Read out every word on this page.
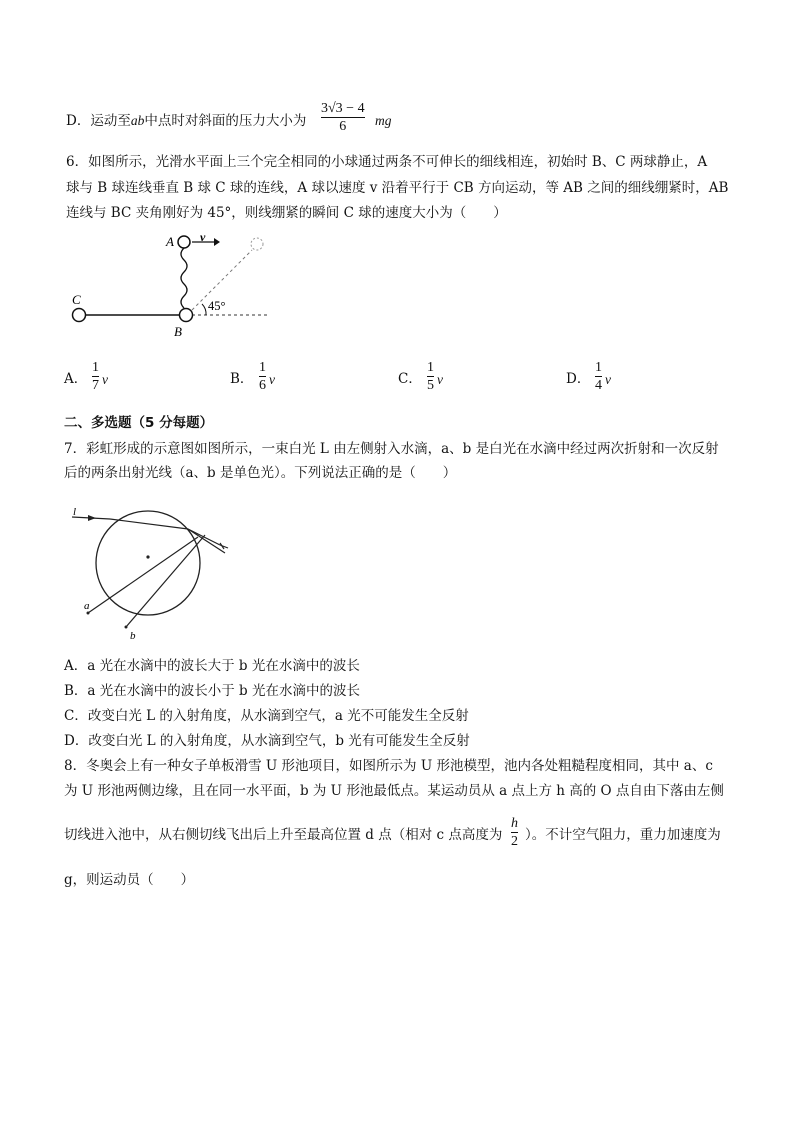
D．运动至ab中点时对斜面的压力大小为
3√3 − 4
6 mg
6．如图所示，光滑水平面上三个完全相同的小球通过两条不可伸长的细线相连，初始时 B、C 两球静止，A
球与 B 球连线垂直 B 球 C 球的连线，A 球以速度 v 沿着平行于 CB 方向运动，等 AB 之间的细线绷紧时，AB
连线与 BC 夹角刚好为 45°，则线绷紧的瞬间 C 球的速度大小为（　　）
A v
C
B
45°
A．
1
7 v	B．
1
6 v	C．
1
5 v	D．
1
4 v
二、多选题（5 分每题）
7．彩虹形成的示意图如图所示，一束白光 L 由左侧射入水滴，a、b 是白光在水滴中经过两次折射和一次反射
后的两条出射光线（a、b 是单色光）。下列说法正确的是（　　）
l
a
b
A．a 光在水滴中的波长大于 b 光在水滴中的波长
B．a 光在水滴中的波长小于 b 光在水滴中的波长
C．改变白光 L 的入射角度，从水滴到空气，a 光不可能发生全反射
D．改变白光 L 的入射角度，从水滴到空气，b 光有可能发生全反射
8．冬奥会上有一种女子单板滑雪 U 形池项目，如图所示为 U 形池模型，池内各处粗糙程度相同，其中 a、c
为 U 形池两侧边缘，且在同一水平面，b 为 U 形池最低点。某运动员从 a 点上方 h 高的 O 点自由下落由左侧
切线进入池中，从右侧切线飞出后上升至最高位置 d 点（相对 c 点高度为
h
2 ）。不计空气阻力，重力加速度为
g，则运动员（　　）
